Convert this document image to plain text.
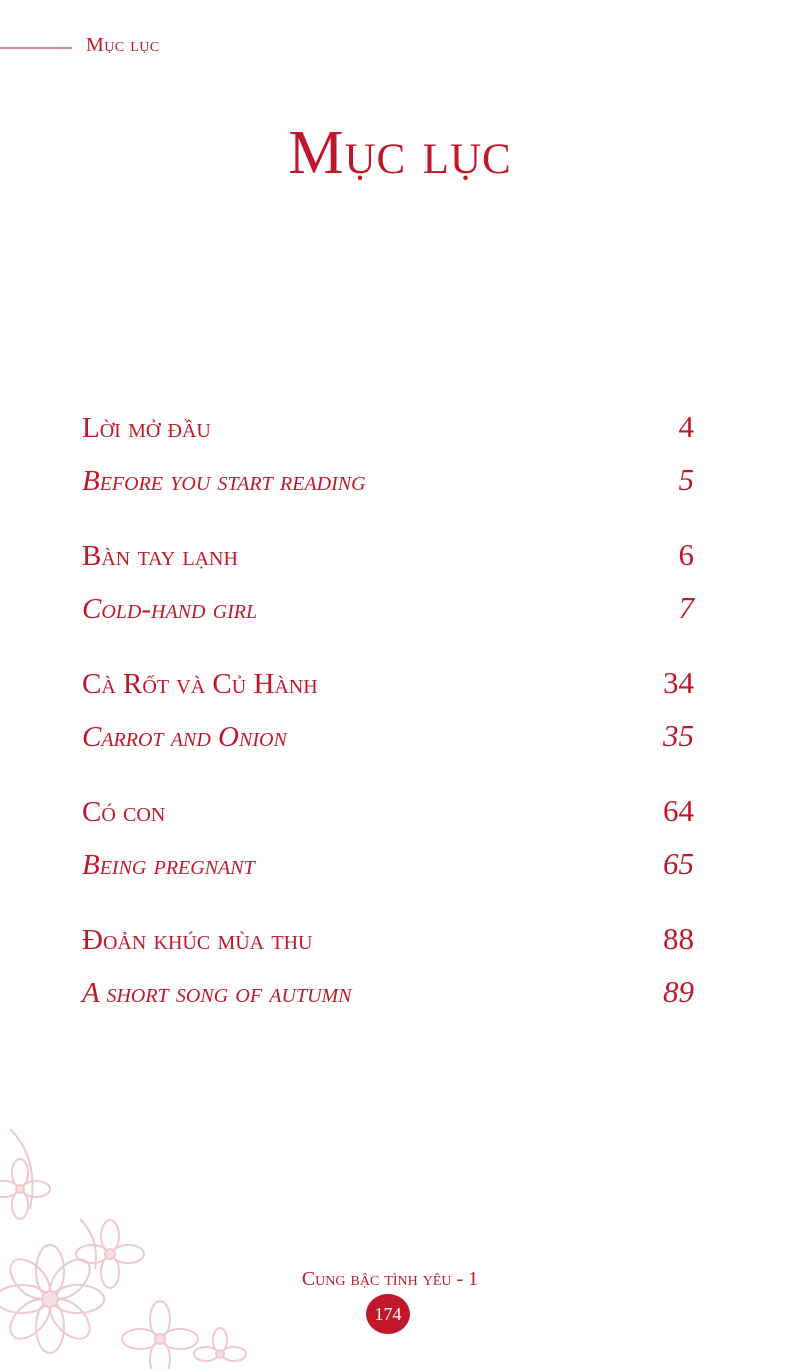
Mục lục
Mục lục
Lời mở đầu	4
Before you start reading	5
Bàn tay lạnh	6
Cold-hand girl	7
Cà Rốt và Củ Hành	34
Carrot and Onion	35
Có con	64
Being pregnant	65
Đoản khúc mùa thu	88
A short song of autumn	89
Cung bậc tình yêu - 1
174
